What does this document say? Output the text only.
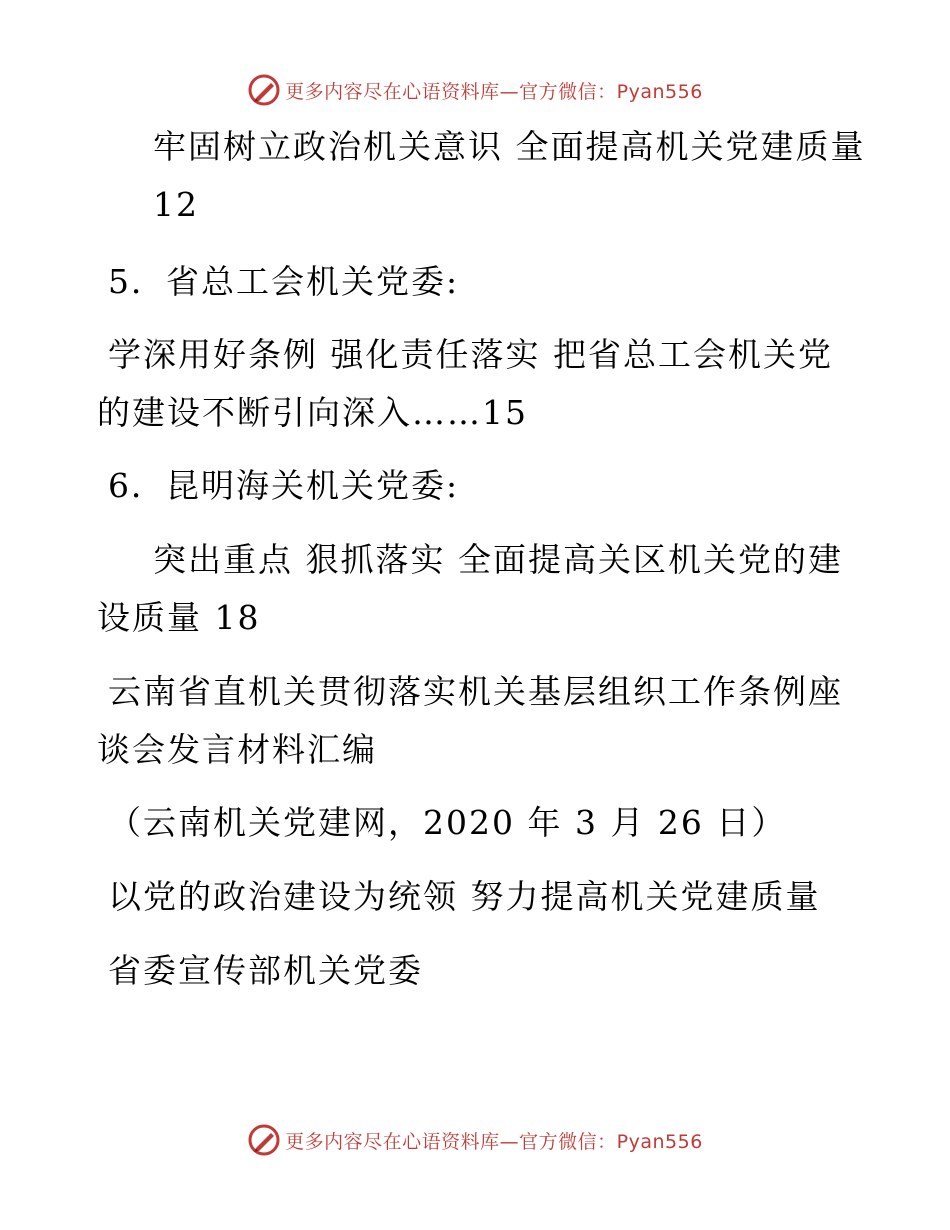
更多内容尽在心语资料库—官方微信：Pyan556
牢固树立政治机关意识 全面提高机关党建质量
12
5．省总工会机关党委:
学深用好条例 强化责任落实 把省总工会机关党
的建设不断引向深入……15
6．昆明海关机关党委:
突出重点 狠抓落实 全面提高关区机关党的建
设质量 18
云南省直机关贯彻落实机关基层组织工作条例座
谈会发言材料汇编
（云南机关党建网，2020 年 3 月 26 日）
以党的政治建设为统领 努力提高机关党建质量
省委宣传部机关党委
更多内容尽在心语资料库—官方微信：Pyan556
